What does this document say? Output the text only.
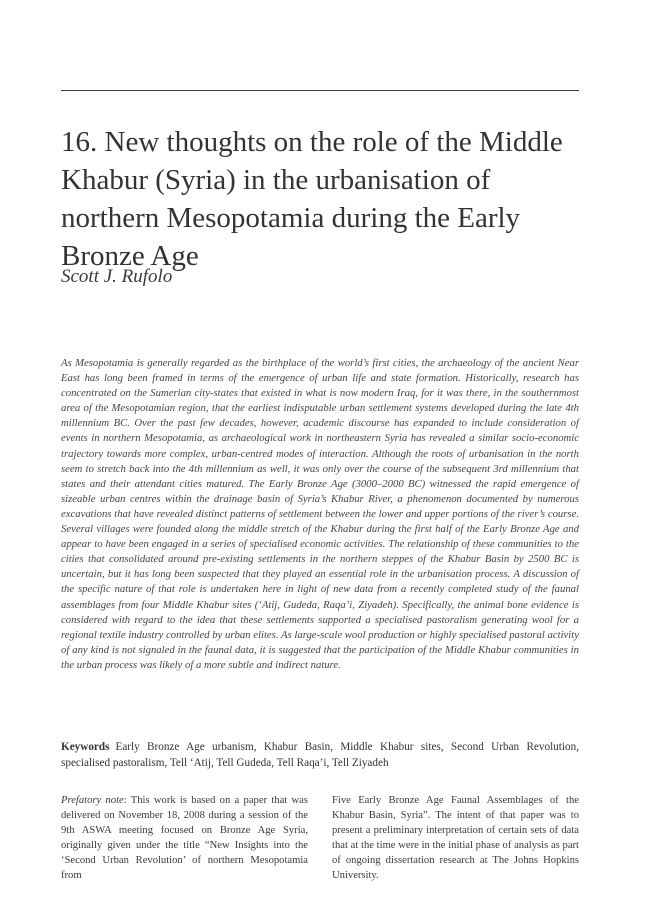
16. New thoughts on the role of the Middle Khabur (Syria) in the urbanisation of northern Mesopotamia during the Early Bronze Age

Scott J. Rufolo

As Mesopotamia is generally regarded as the birthplace of the world’s first cities, the archaeology of the ancient Near East has long been framed in terms of the emergence of urban life and state formation. Historically, research has concentrated on the Sumerian city-states that existed in what is now modern Iraq, for it was there, in the southernmost area of the Mesopotamian region, that the earliest indisputable urban settlement systems developed during the late 4th millennium BC. Over the past few decades, however, academic discourse has expanded to include consideration of events in northern Mesopotamia, as archaeological work in northeastern Syria has revealed a similar socio-economic trajectory towards more complex, urban-centred modes of interaction. Although the roots of urbanisation in the north seem to stretch back into the 4th millennium as well, it was only over the course of the subsequent 3rd millennium that states and their attendant cities matured. The Early Bronze Age (3000–2000 BC) witnessed the rapid emergence of sizeable urban centres within the drainage basin of Syria’s Khabur River, a phenomenon documented by numerous excavations that have revealed distinct patterns of settlement between the lower and upper portions of the river’s course. Several villages were founded along the middle stretch of the Khabur during the first half of the Early Bronze Age and appear to have been engaged in a series of specialised economic activities. The relationship of these communities to the cities that consolidated around pre-existing settlements in the northern steppes of the Khabur Basin by 2500 BC is uncertain, but it has long been suspected that they played an essential role in the urbanisation process. A discussion of the specific nature of that role is undertaken here in light of new data from a recently completed study of the faunal assemblages from four Middle Khabur sites (‘Atij, Gudeda, Raqa’i, Ziyadeh). Specifically, the animal bone evidence is considered with regard to the idea that these settlements supported a specialised pastoralism generating wool for a regional textile industry controlled by urban elites. As large-scale wool production or highly specialised pastoral activity of any kind is not signaled in the faunal data, it is suggested that the participation of the Middle Khabur communities in the urban process was likely of a more subtle and indirect nature.

Keywords Early Bronze Age urbanism, Khabur Basin, Middle Khabur sites, Second Urban Revolution, specialised pastoralism, Tell ‘Atij, Tell Gudeda, Tell Raqa’i, Tell Ziyadeh

Prefatory note: This work is based on a paper that was delivered on November 18, 2008 during a session of the 9th ASWA meeting focused on Bronze Age Syria, originally given under the title “New Insights into the ‘Second Urban Revolution’ of northern Mesopotamia from

Five Early Bronze Age Faunal Assemblages of the Khabur Basin, Syria”. The intent of that paper was to present a preliminary interpretation of certain sets of data that at the time were in the initial phase of analysis as part of ongoing dissertation research at The Johns Hopkins University.
